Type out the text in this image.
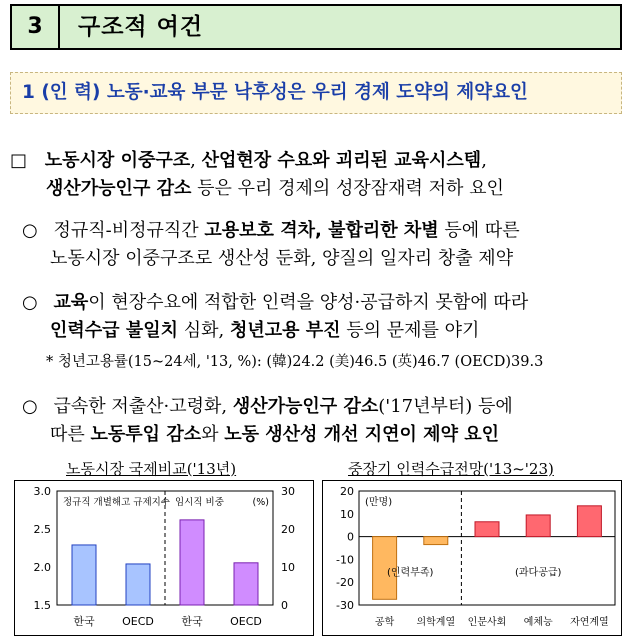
3	구조적 여건
1 (인 력) 노동·교육 부문 낙후성은 우리 경제 도약의 제약요인
□ 노동시장 이중구조, 산업현장 수요와 괴리된 교육시스템,
생산가능인구 감소 등은 우리 경제의 성장잠재력 저하 요인
○ 정규직-비정규직간 고용보호 격차, 불합리한 차별 등에 따른
노동시장 이중구조로 생산성 둔화, 양질의 일자리 창출 제약
○ 교육이 현장수요에 적합한 인력을 양성·공급하지 못함에 따라
인력수급 불일치 심화, 청년고용 부진 등의 문제를 야기
* 청년고용률(15~24세, '13, %): (韓)24.2 (美)46.5 (英)46.7 (OECD)39.3
○ 급속한 저출산·고령화, 생산가능인구 감소('17년부터) 등에
따른 노동투입 감소와 노동 생산성 개선 지연이 제약 요인
노동시장 국제비교('13년)	중장기 인력수급전망('13~'23)
3.0
2.5
2.0
1.5
30
20
10
0
한국 OECD 한국 OECD
정규직 개별해고 규제지수 임시직 비중	(%)
20
10
0
-10
-20
-30
(만명)
공학 의학계열 인문사회 예체능 자연계열
(인력부족)	(과다공급)
